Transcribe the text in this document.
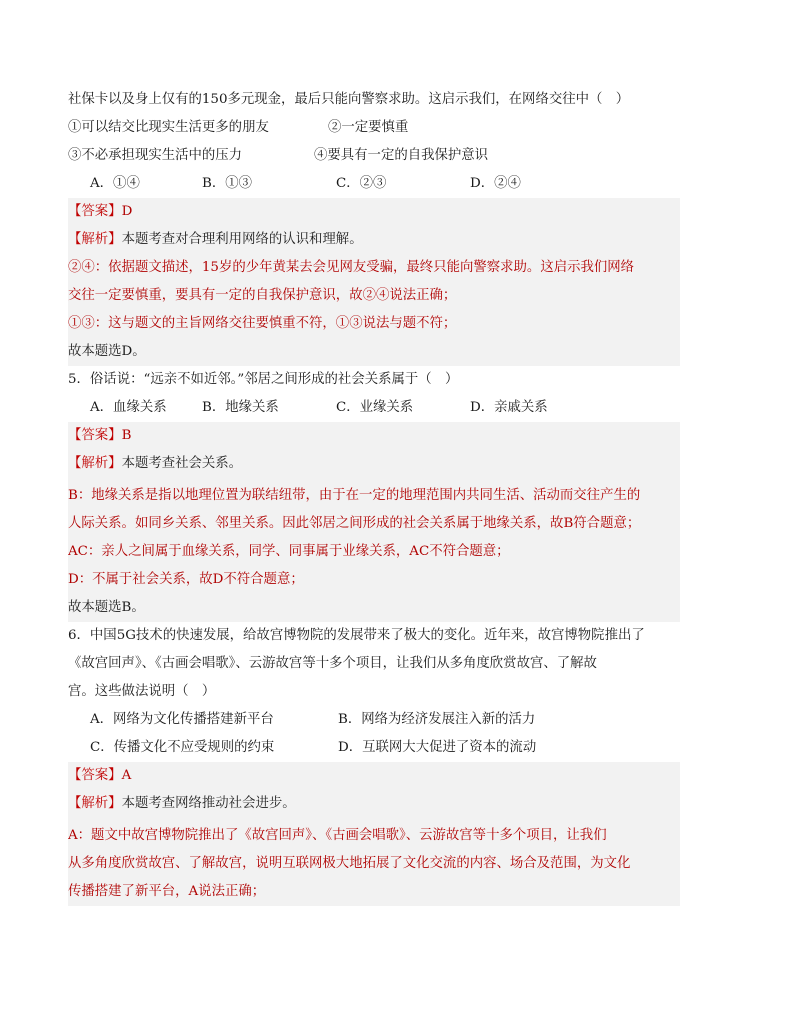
社保卡以及身上仅有的150多元现金，最后只能向警察求助。这启示我们，在网络交往中（　）
①可以结交比现实生活更多的朋友	②一定要慎重
③不必承担现实生活中的压力	④要具有一定的自我保护意识
A．①④	B．①③	C．②③	D．②④
【答案】D
【解析】本题考查对合理利用网络的认识和理解。
②④：依据题文描述，15岁的少年黄某去会见网友受骗，最终只能向警察求助。这启示我们网络
交往一定要慎重，要具有一定的自我保护意识，故②④说法正确；
①③：这与题文的主旨网络交往要慎重不符，①③说法与题不符；
故本题选D。
5．俗话说：“远亲不如近邻。”邻居之间形成的社会关系属于（　）
A．血缘关系	B．地缘关系	C．业缘关系	D．亲戚关系
【答案】B
【解析】本题考查社会关系。
B：地缘关系是指以地理位置为联结纽带，由于在一定的地理范围内共同生活、活动而交往产生的
人际关系。如同乡关系、邻里关系。因此邻居之间形成的社会关系属于地缘关系，故B符合题意；
AC：亲人之间属于血缘关系，同学、同事属于业缘关系，AC不符合题意；
D：不属于社会关系，故D不符合题意；
故本题选B。
6．中国5G技术的快速发展，给故宫博物院的发展带来了极大的变化。近年来，故宫博物院推出了
《故宫回声》、《古画会唱歌》、云游故宫等十多个项目，让我们从多角度欣赏故宫、了解故
宫。这些做法说明（　）
A．网络为文化传播搭建新平台	B．网络为经济发展注入新的活力
C．传播文化不应受规则的约束	D．互联网大大促进了资本的流动
【答案】A
【解析】本题考查网络推动社会进步。
A：题文中故宫博物院推出了《故宫回声》、《古画会唱歌》、云游故宫等十多个项目，让我们
从多角度欣赏故宫、了解故宫，说明互联网极大地拓展了文化交流的内容、场合及范围，为文化
传播搭建了新平台，A说法正确；
